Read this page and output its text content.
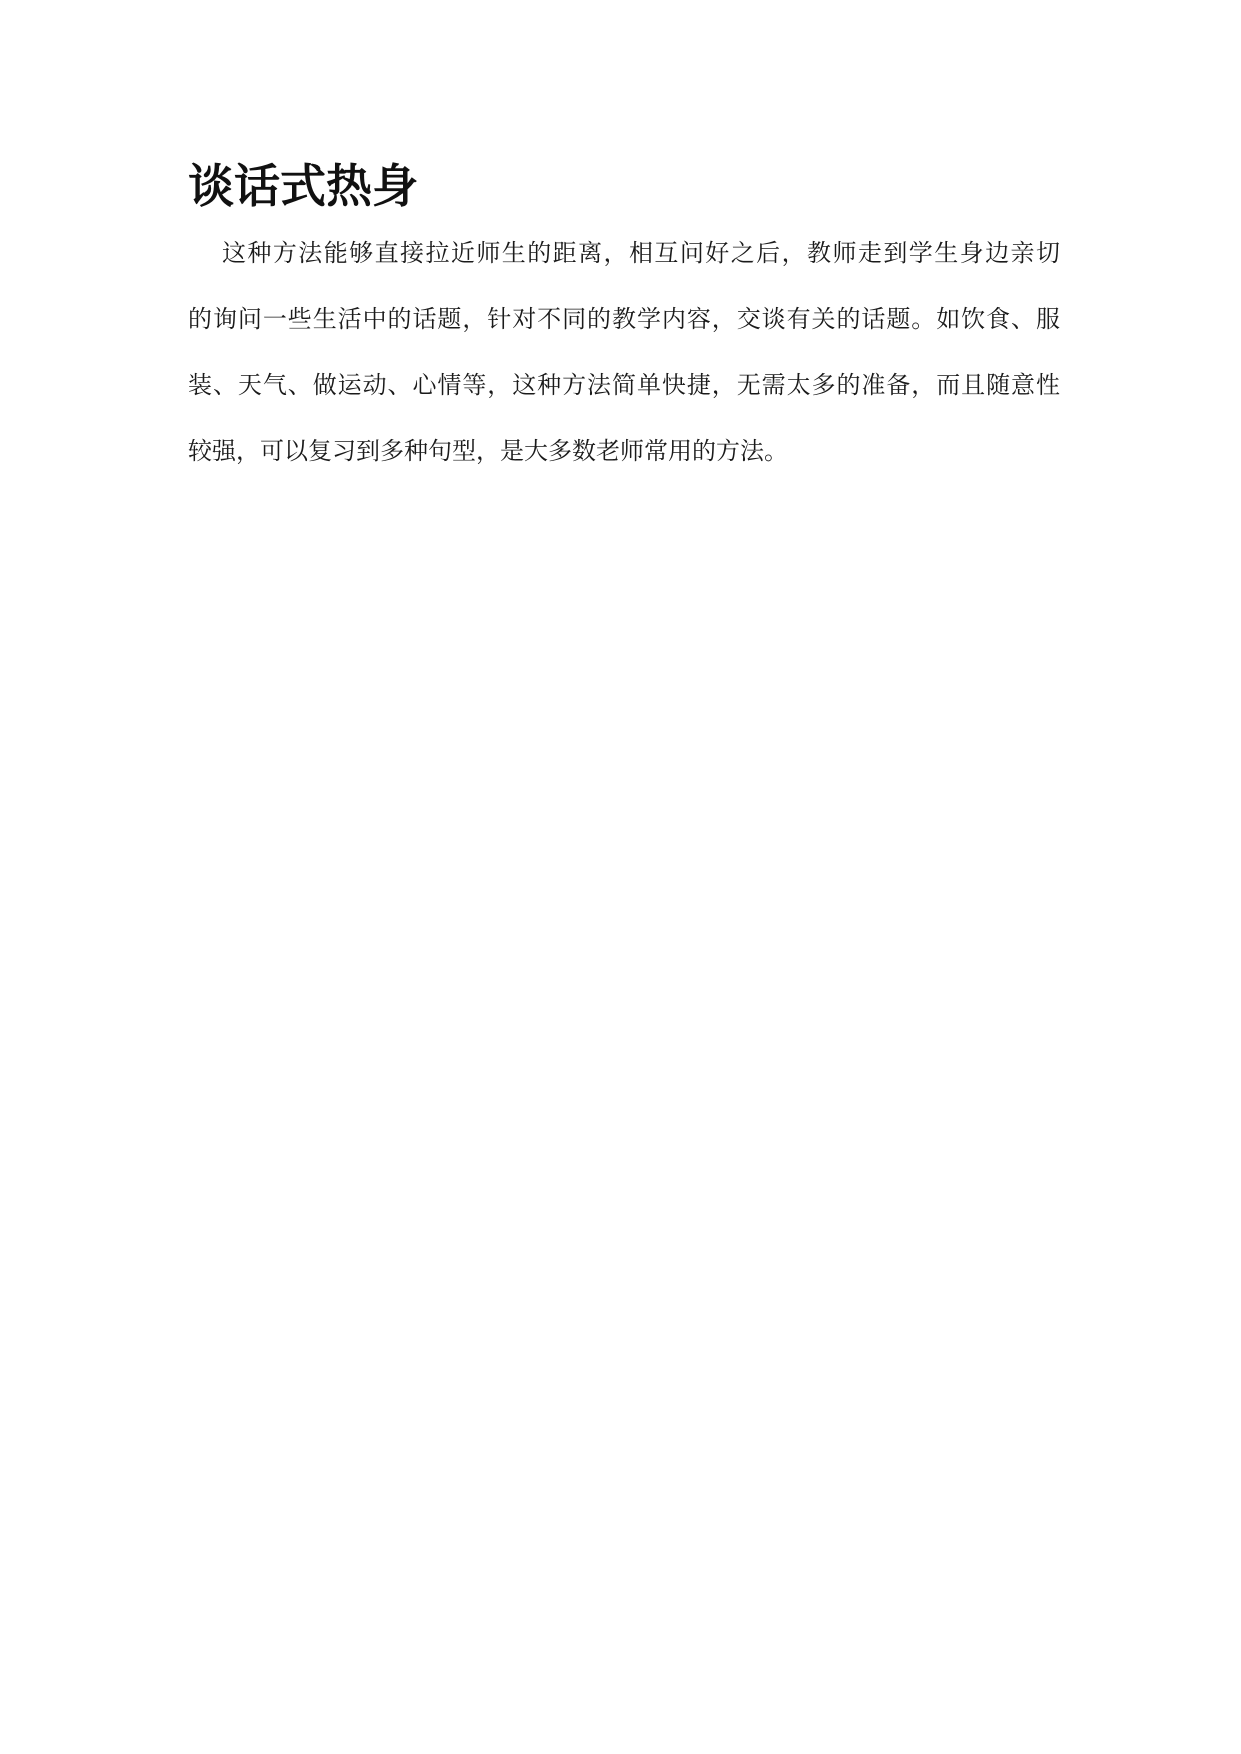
谈话式热身
这种方法能够直接拉近师生的距离，相互问好之后，教师走到学生身边亲切
的询问一些生活中的话题，针对不同的教学内容，交谈有关的话题。如饮食、服
装、天气、做运动、心情等，这种方法简单快捷，无需太多的准备，而且随意性
较强，可以复习到多种句型，是大多数老师常用的方法。
